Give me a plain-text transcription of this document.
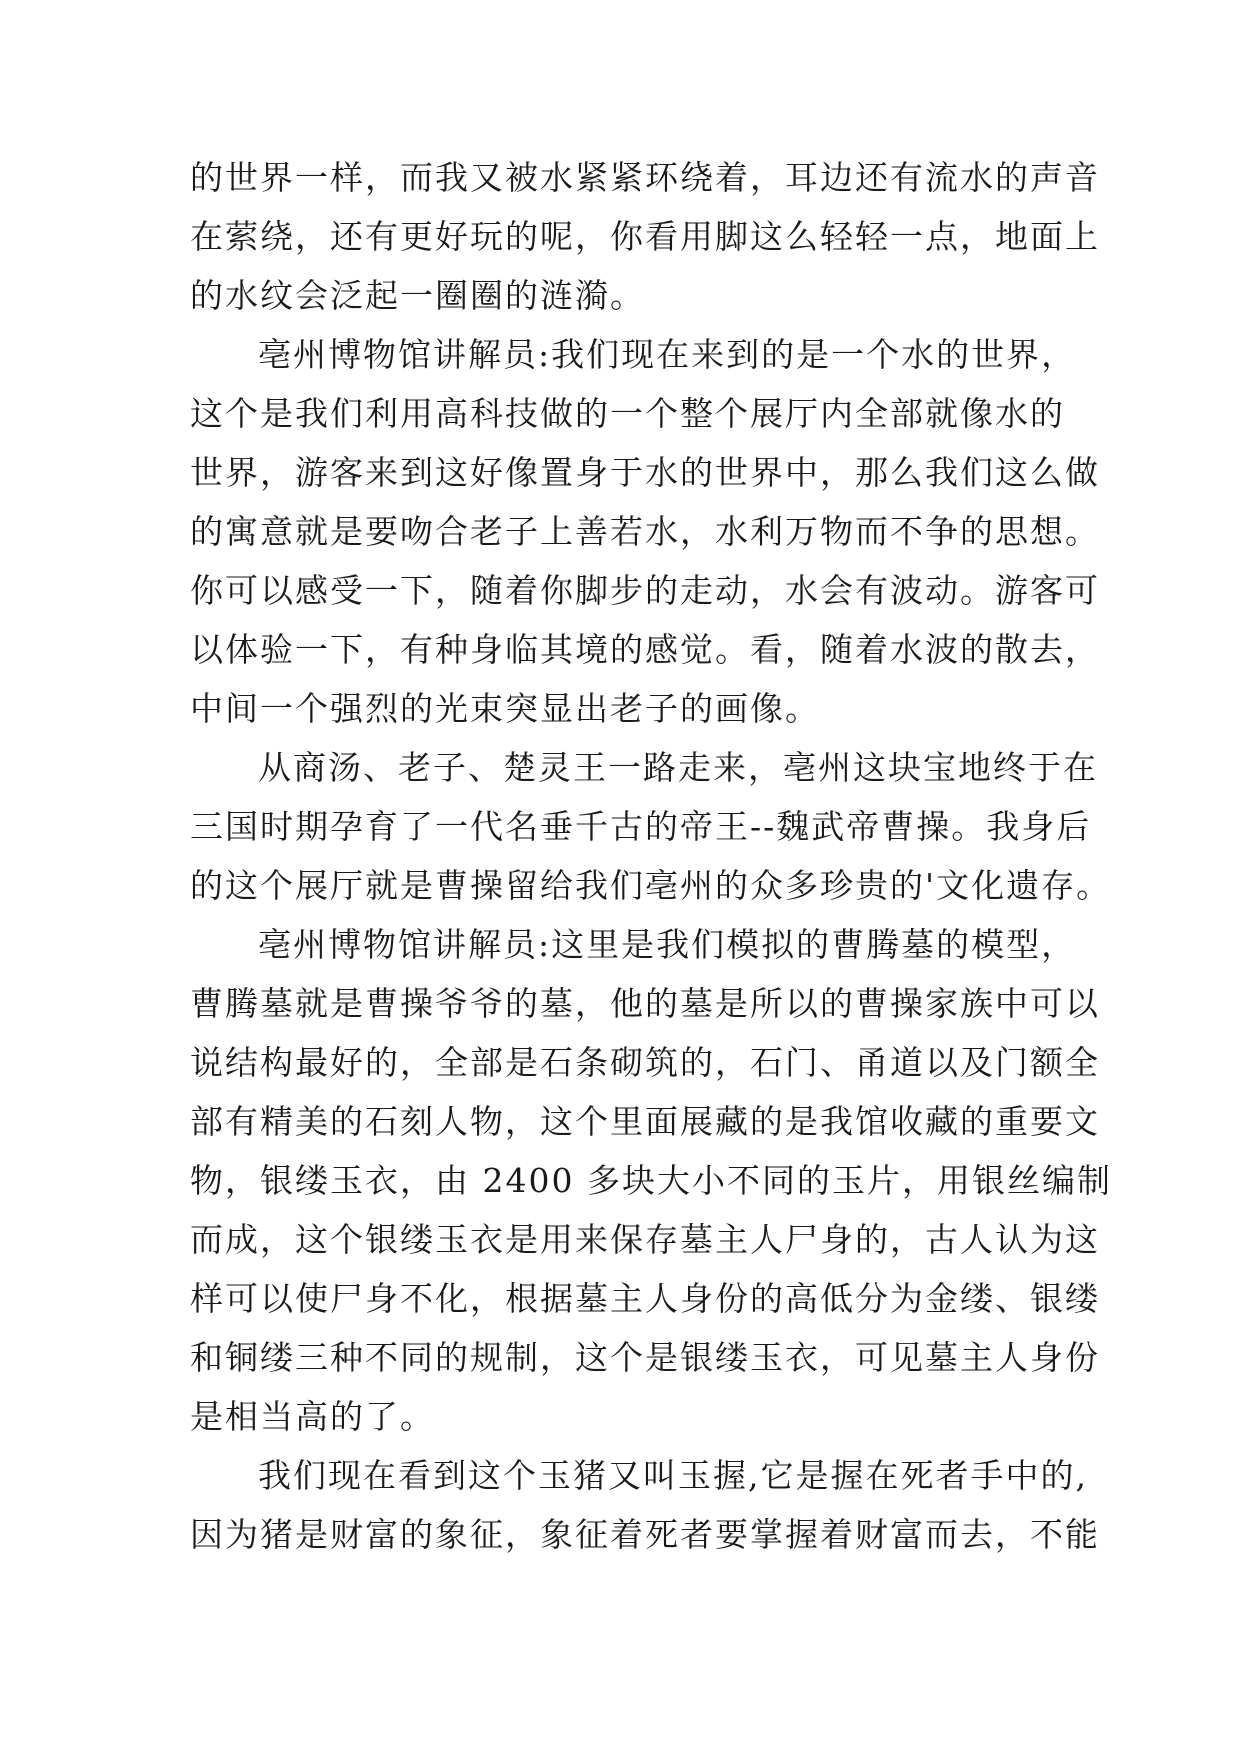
的世界一样，而我又被水紧紧环绕着，耳边还有流水的声音
在萦绕，还有更好玩的呢，你看用脚这么轻轻一点，地面上
的水纹会泛起一圈圈的涟漪。
亳州博物馆讲解员:我们现在来到的是一个水的世界，
这个是我们利用高科技做的一个整个展厅内全部就像水的
世界，游客来到这好像置身于水的世界中，那么我们这么做
的寓意就是要吻合老子上善若水，水利万物而不争的思想。
你可以感受一下，随着你脚步的走动，水会有波动。游客可
以体验一下，有种身临其境的感觉。看，随着水波的散去，
中间一个强烈的光束突显出老子的画像。
从商汤、老子、楚灵王一路走来，亳州这块宝地终于在
三国时期孕育了一代名垂千古的帝王--魏武帝曹操。我身后
的这个展厅就是曹操留给我们亳州的众多珍贵的'文化遗存。
亳州博物馆讲解员:这里是我们模拟的曹腾墓的模型，
曹腾墓就是曹操爷爷的墓，他的墓是所以的曹操家族中可以
说结构最好的，全部是石条砌筑的，石门、甬道以及门额全
部有精美的石刻人物，这个里面展藏的是我馆收藏的重要文
物，银缕玉衣，由 2400 多块大小不同的玉片，用银丝编制
而成，这个银缕玉衣是用来保存墓主人尸身的，古人认为这
样可以使尸身不化，根据墓主人身份的高低分为金缕、银缕
和铜缕三种不同的规制，这个是银缕玉衣，可见墓主人身份
是相当高的了。
我们现在看到这个玉猪又叫玉握,它是握在死者手中的,
因为猪是财富的象征，象征着死者要掌握着财富而去，不能
